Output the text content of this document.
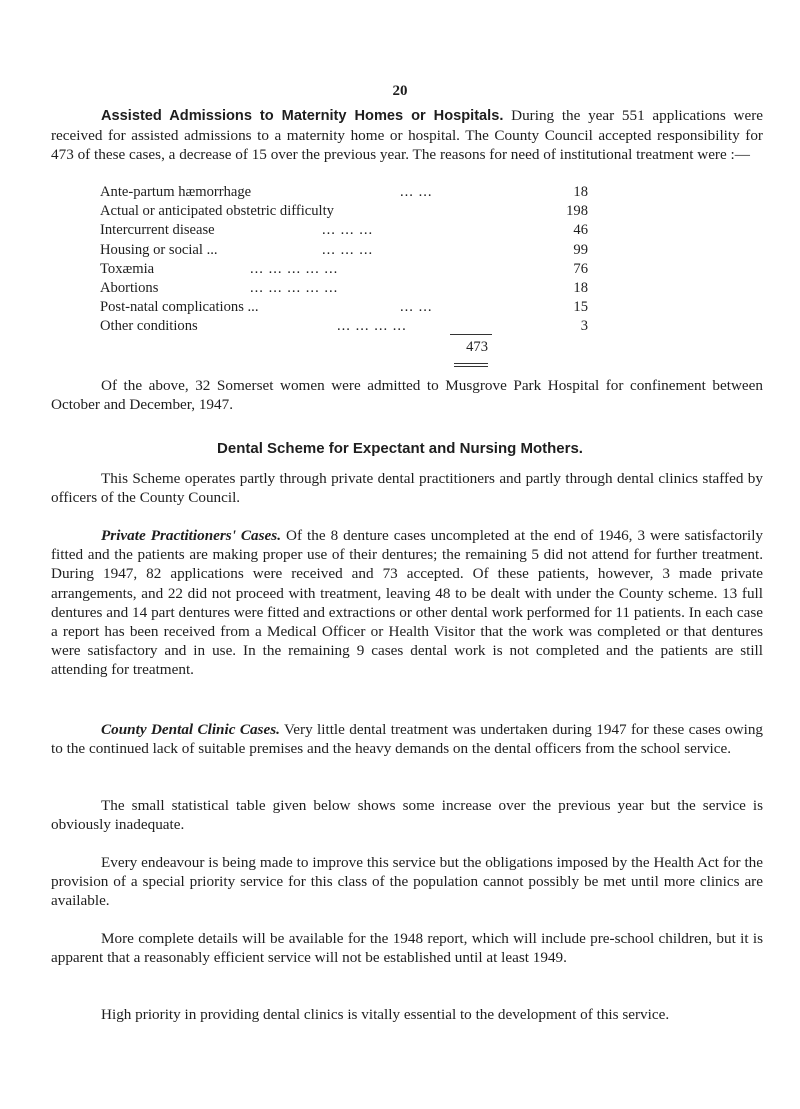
20

Assisted Admissions to Maternity Homes or Hospitals. During the year 551 applications were received for assisted admissions to a maternity home or hospital. The County Council accepted responsibility for 473 of these cases, a decrease of 15 over the previous year. The reasons for need of institutional treatment were :—

Ante-partum hæmorrhage	... ...	18
Actual or anticipated obstetric difficulty	198
Intercurrent disease	... ... ...	46
Housing or social ...	... ... ...	99
Toxæmia	... ... ... ... ...	76
Abortions	... ... ... ... ...	18
Post-natal complications ...	... ...	15
Other conditions	... ... ... ...	3
473

Of the above, 32 Somerset women were admitted to Musgrove Park Hospital for confinement between October and December, 1947.

Dental Scheme for Expectant and Nursing Mothers.

This Scheme operates partly through private dental practitioners and partly through dental clinics staffed by officers of the County Council.

Private Practitioners' Cases. Of the 8 denture cases uncompleted at the end of 1946, 3 were satisfactorily fitted and the patients are making proper use of their dentures; the remaining 5 did not attend for further treatment. During 1947, 82 applications were received and 73 accepted. Of these patients, however, 3 made private arrangements, and 22 did not proceed with treatment, leaving 48 to be dealt with under the County scheme. 13 full dentures and 14 part dentures were fitted and extractions or other dental work performed for 11 patients. In each case a report has been received from a Medical Officer or Health Visitor that the work was completed or that dentures were satisfactory and in use. In the remaining 9 cases dental work is not completed and the patients are still attending for treatment.

County Dental Clinic Cases. Very little dental treatment was undertaken during 1947 for these cases owing to the continued lack of suitable premises and the heavy demands on the dental officers from the school service.

The small statistical table given below shows some increase over the previous year but the service is obviously inadequate.

Every endeavour is being made to improve this service but the obligations imposed by the Health Act for the provision of a special priority service for this class of the population cannot possibly be met until more clinics are available.

More complete details will be available for the 1948 report, which will include pre-school children, but it is apparent that a reasonably efficient service will not be established until at least 1949.

High priority in providing dental clinics is vitally essential to the development of this service.
